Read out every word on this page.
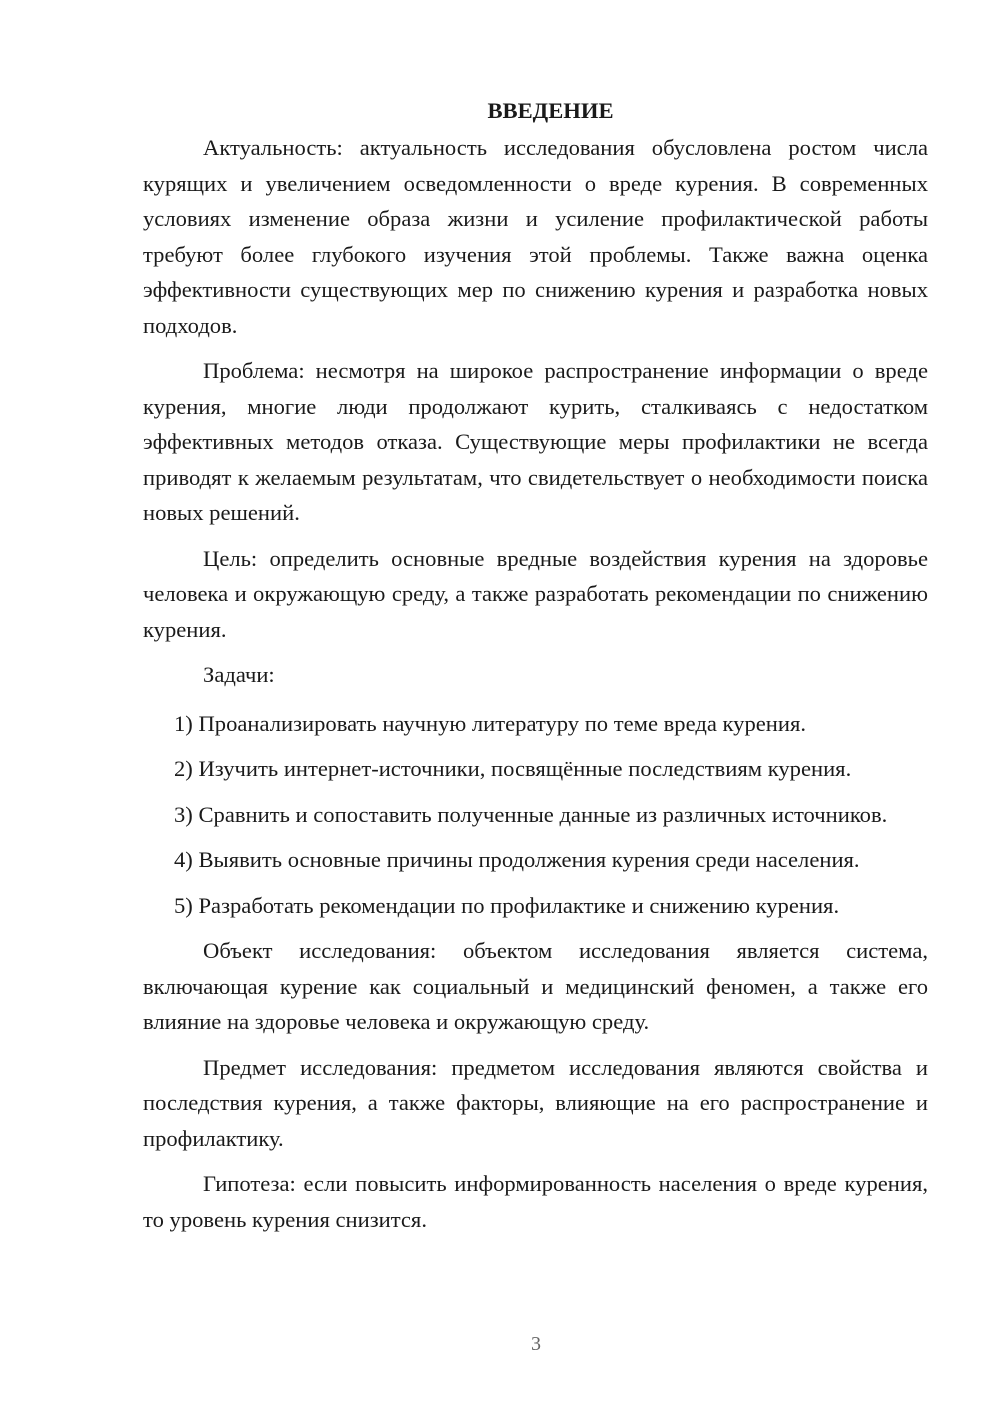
ВВЕДЕНИЕ

Актуальность: актуальность исследования обусловлена ростом числа курящих и увеличением осведомленности о вреде курения. В современных условиях изменение образа жизни и усиление профилактической работы требуют более глубокого изучения этой проблемы. Также важна оценка эффективности существующих мер по снижению курения и разработка новых подходов.

Проблема: несмотря на широкое распространение информации о вреде курения, многие люди продолжают курить, сталкиваясь с недостатком эффективных методов отказа. Существующие меры профилактики не всегда приводят к желаемым результатам, что свидетельствует о необходимости поиска новых решений.

Цель: определить основные вредные воздействия курения на здоровье человека и окружающую среду, а также разработать рекомендации по снижению курения.

Задачи:

1) Проанализировать научную литературу по теме вреда курения.

2) Изучить интернет-источники, посвящённые последствиям курения.

3) Сравнить и сопоставить полученные данные из различных источников.

4) Выявить основные причины продолжения курения среди населения.

5) Разработать рекомендации по профилактике и снижению курения.

Объект исследования: объектом исследования является система, включающая курение как социальный и медицинский феномен, а также его влияние на здоровье человека и окружающую среду.

Предмет исследования: предметом исследования являются свойства и последствия курения, а также факторы, влияющие на его распространение и профилактику.

Гипотеза: если повысить информированность населения о вреде курения, то уровень курения снизится.

3
